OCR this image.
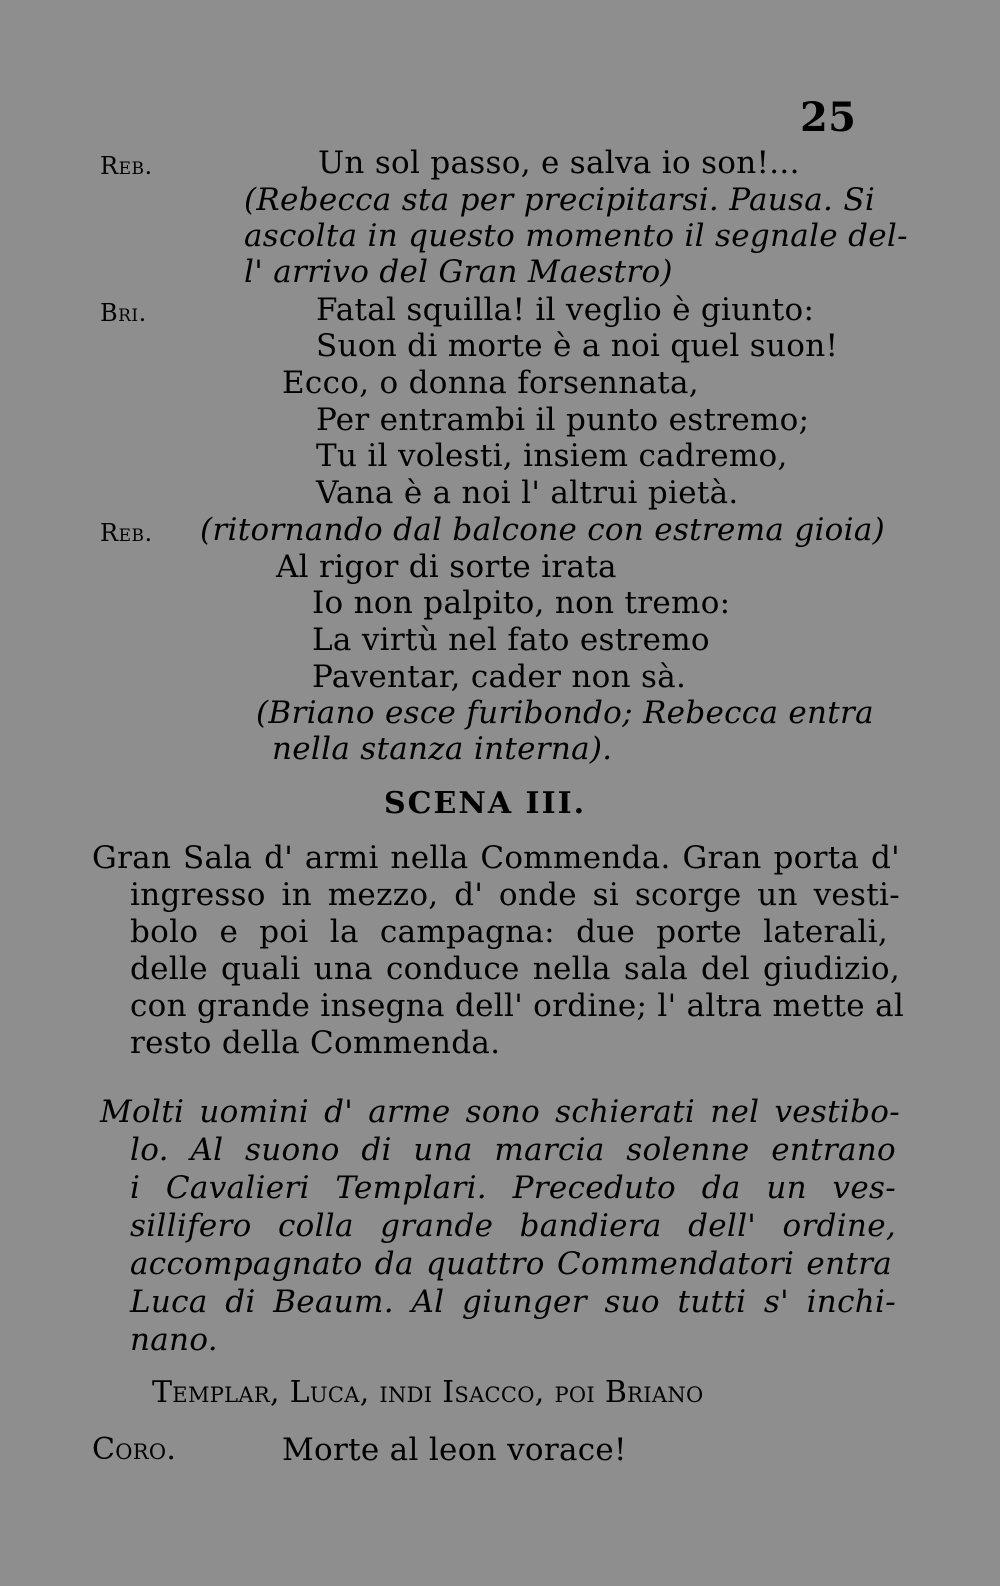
25
Reb.	Un sol passo, e salva io son!...
(Rebecca sta per precipitarsi. Pausa. Si
ascolta in questo momento il segnale del-
l' arrivo del Gran Maestro)
Bri.	Fatal squilla! il veglio è giunto:
Suon di morte è a noi quel suon!
Ecco, o donna forsennata,
Per entrambi il punto estremo;
Tu il volesti, insiem cadremo,
Vana è a noi l' altrui pietà.
Reb. (ritornando dal balcone con estrema gioia)
Al rigor di sorte irata
Io non palpito, non tremo:
La virtù nel fato estremo
Paventar, cader non sà.
(Briano esce furibondo; Rebecca entra
nella stanza interna).
SCENA III.
Gran Sala d' armi nella Commenda. Gran porta d'
ingresso in mezzo, d' onde si scorge un vesti-
bolo e poi la campagna: due porte laterali,
delle quali una conduce nella sala del giudizio,
con grande insegna dell' ordine; l' altra mette al
resto della Commenda.
Molti uomini d' arme sono schierati nel vestibo-
lo. Al suono di una marcia solenne entrano
i Cavalieri Templari. Preceduto da un ves-
sillifero colla grande bandiera dell' ordine,
accompagnato da quattro Commendatori entra
Luca di Beaum. Al giunger suo tutti s' inchi-
nano.
Templar, Luca, indi Isacco, poi Briano
Coro.	Morte al leon vorace!
